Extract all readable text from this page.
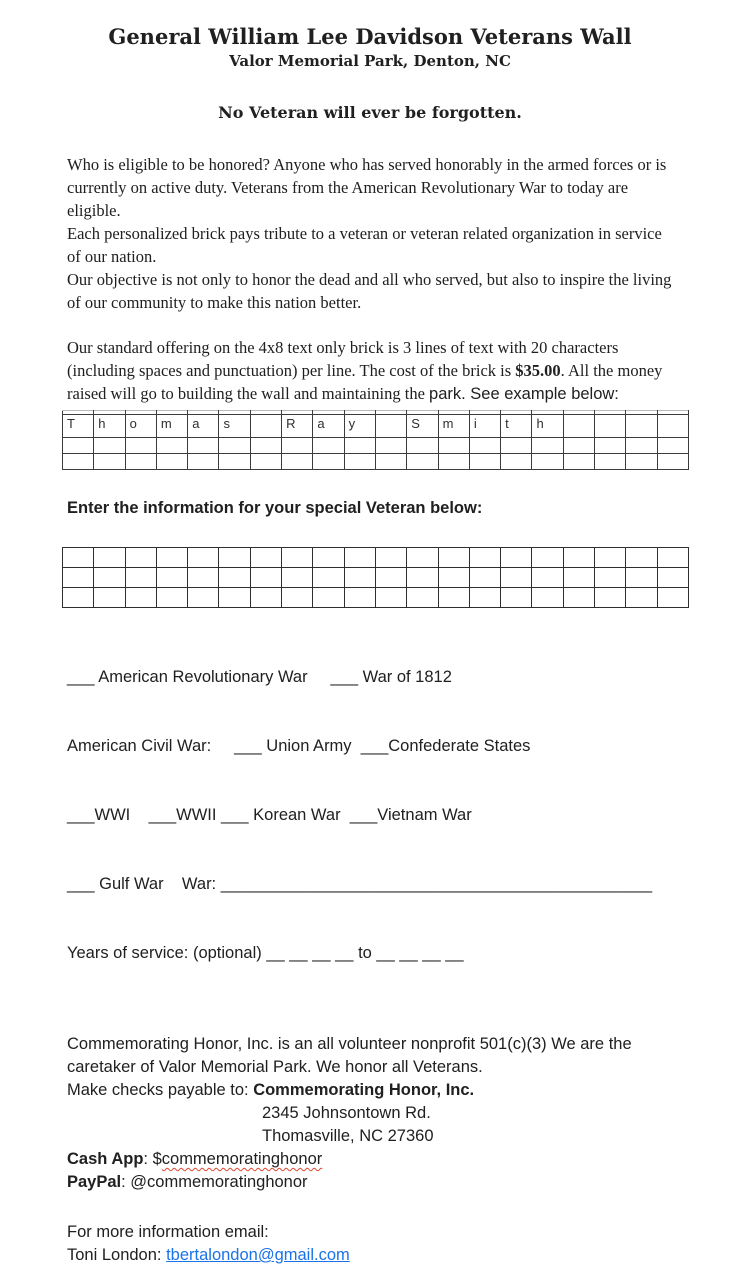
General William Lee Davidson Veterans Wall
Valor Memorial Park, Denton, NC

No Veteran will ever be forgotten.

Who is eligible to be honored? Anyone who has served honorably in the armed forces or is currently on active duty. Veterans from the American Revolutionary War to today are eligible.

Each personalized brick pays tribute to a veteran or veteran related organization in service of our nation.

Our objective is not only to honor the dead and all who served, but also to inspire the living of our community to make this nation better.

Our standard offering on the 4x8 text only brick is 3 lines of text with 20 characters (including spaces and punctuation) per line. The cost of the brick is $35.00. All the money raised will go to building the wall and maintaining the park. See example below:

T	h	o	m	a	s		R	a	y		S	m	i	t	h				

Enter the information for your special Veteran below:

___ American Revolutionary War     ___ War of 1812

American Civil War:     ___ Union Army  ___Confederate States

___WWI    ___WWII ___ Korean War  ___Vietnam War

___ Gulf War    War: _______________________________________________

Years of service: (optional) __ __ __ __ to __ __ __ __

Commemorating Honor, Inc. is an all volunteer nonprofit 501(c)(3) We are the caretaker of Valor Memorial Park. We honor all Veterans.

Make checks payable to: Commemorating Honor, Inc.

2345 Johnsontown Rd.

Thomasville, NC 27360

Cash App: $commemoratinghonor

PayPal: @commemoratinghonor

For more information email:

Toni London: tbertalondon@gmail.com
